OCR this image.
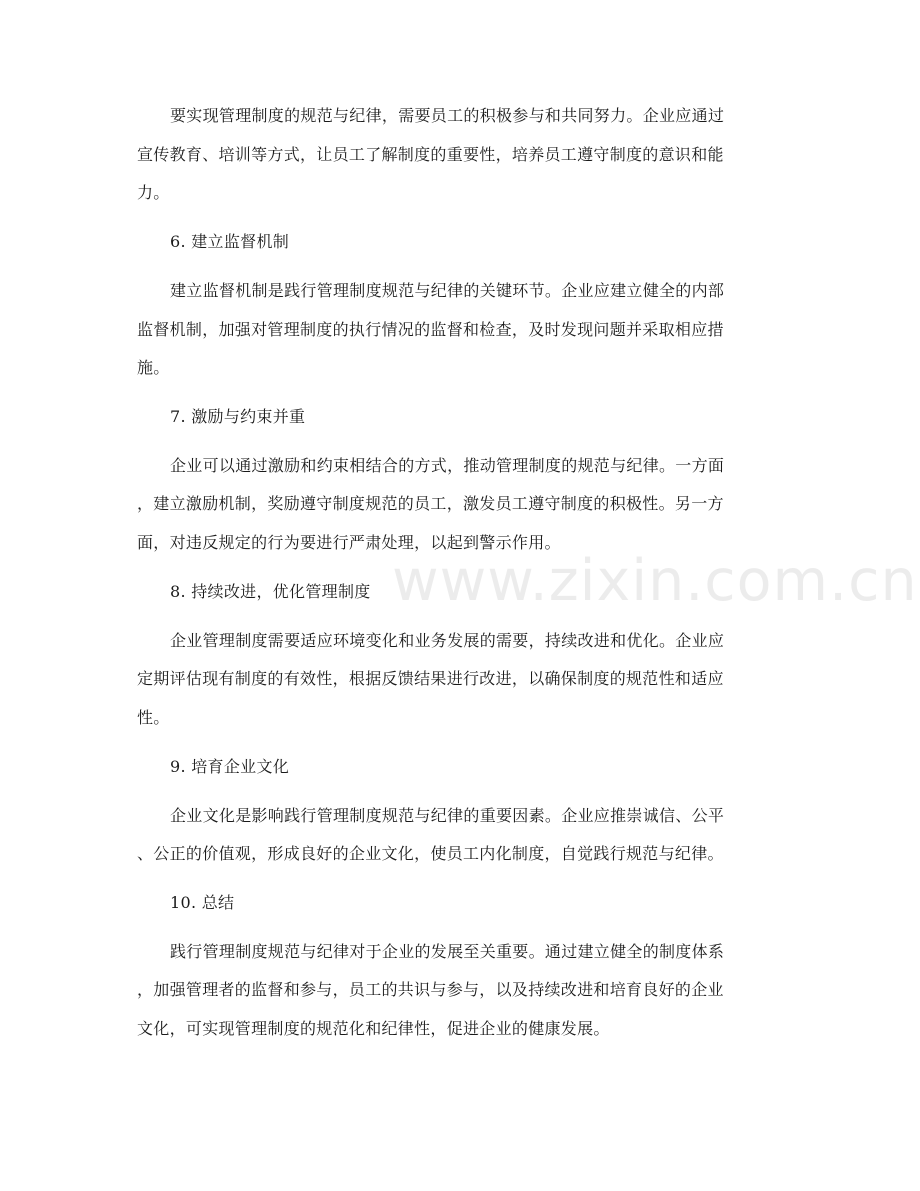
要实现管理制度的规范与纪律，需要员工的积极参与和共同努力。企业应通过
宣传教育、培训等方式，让员工了解制度的重要性，培养员工遵守制度的意识和能
力。
6. 建立监督机制
建立监督机制是践行管理制度规范与纪律的关键环节。企业应建立健全的内部
监督机制，加强对管理制度的执行情况的监督和检查，及时发现问题并采取相应措
施。
7. 激励与约束并重
企业可以通过激励和约束相结合的方式，推动管理制度的规范与纪律。一方面
，建立激励机制，奖励遵守制度规范的员工，激发员工遵守制度的积极性。另一方
面，对违反规定的行为要进行严肃处理，以起到警示作用。
8. 持续改进，优化管理制度
企业管理制度需要适应环境变化和业务发展的需要，持续改进和优化。企业应
定期评估现有制度的有效性，根据反馈结果进行改进，以确保制度的规范性和适应
性。
9. 培育企业文化
企业文化是影响践行管理制度规范与纪律的重要因素。企业应推崇诚信、公平
、公正的价值观，形成良好的企业文化，使员工内化制度，自觉践行规范与纪律。
10. 总结
践行管理制度规范与纪律对于企业的发展至关重要。通过建立健全的制度体系
，加强管理者的监督和参与，员工的共识与参与，以及持续改进和培育良好的企业
文化，可实现管理制度的规范化和纪律性，促进企业的健康发展。
www.zixin.com.cn
